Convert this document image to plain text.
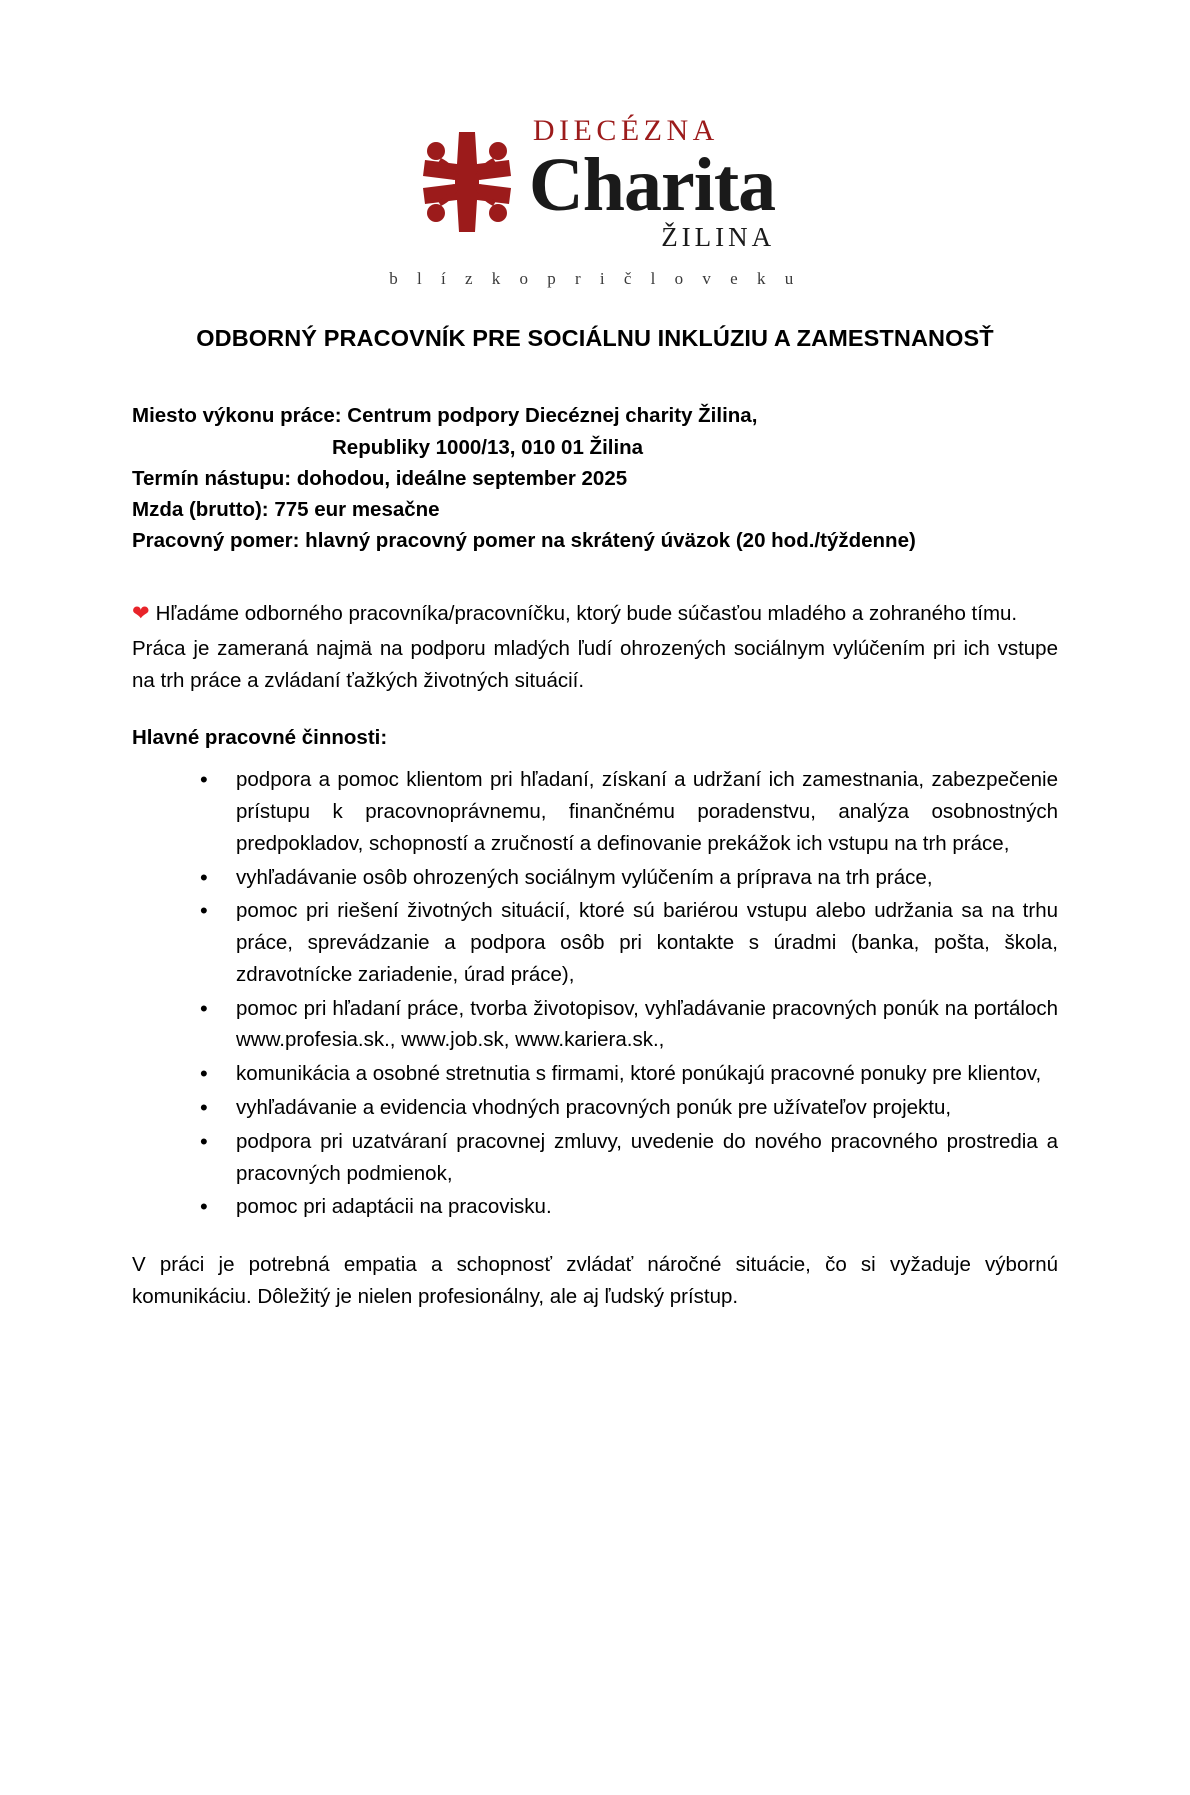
DIECÉZNA
Charita
ŽILINA
b l í z k o p r i č l o v e k u
ODBORNÝ PRACOVNÍK PRE SOCIÁLNU INKLÚZIU A ZAMESTNANOSŤ
Miesto výkonu práce: Centrum podpory Diecéznej charity Žilina,
Republiky 1000/13, 010 01 Žilina
Termín nástupu: dohodou, ideálne september 2025
Mzda (brutto): 775 eur mesačne
Pracovný pomer: hlavný pracovný pomer na skrátený úväzok (20 hod./týždenne)

❤ Hľadáme odborného pracovníka/pracovníčku, ktorý bude súčasťou mladého a zohraného tímu.

Práca je zameraná najmä na podporu mladých ľudí ohrozených sociálnym vylúčením pri ich vstupe na trh práce a zvládaní ťažkých životných situácií.

Hlavné pracovné činnosti:
• podpora a pomoc klientom pri hľadaní, získaní a udržaní ich zamestnania, zabezpečenie prístupu k pracovnoprávnemu, finančnému poradenstvu, analýza osobnostných predpokladov, schopností a zručností a definovanie prekážok ich vstupu na trh práce,
• vyhľadávanie osôb ohrozených sociálnym vylúčením a príprava na trh práce,
• pomoc pri riešení životných situácií, ktoré sú bariérou vstupu alebo udržania sa na trhu práce, sprevádzanie a podpora osôb pri kontakte s úradmi (banka, pošta, škola, zdravotnícke zariadenie, úrad práce),
• pomoc pri hľadaní práce, tvorba životopisov, vyhľadávanie pracovných ponúk na portáloch www.profesia.sk., www.job.sk, www.kariera.sk.,
• komunikácia a osobné stretnutia s firmami, ktoré ponúkajú pracovné ponuky pre klientov,
• vyhľadávanie a evidencia vhodných pracovných ponúk pre užívateľov projektu,
• podpora pri uzatváraní pracovnej zmluvy, uvedenie do nového pracovného prostredia a pracovných podmienok,
• pomoc pri adaptácii na pracovisku.

V práci je potrebná empatia a schopnosť zvládať náročné situácie, čo si vyžaduje výbornú komunikáciu. Dôležitý je nielen profesionálny, ale aj ľudský prístup.
